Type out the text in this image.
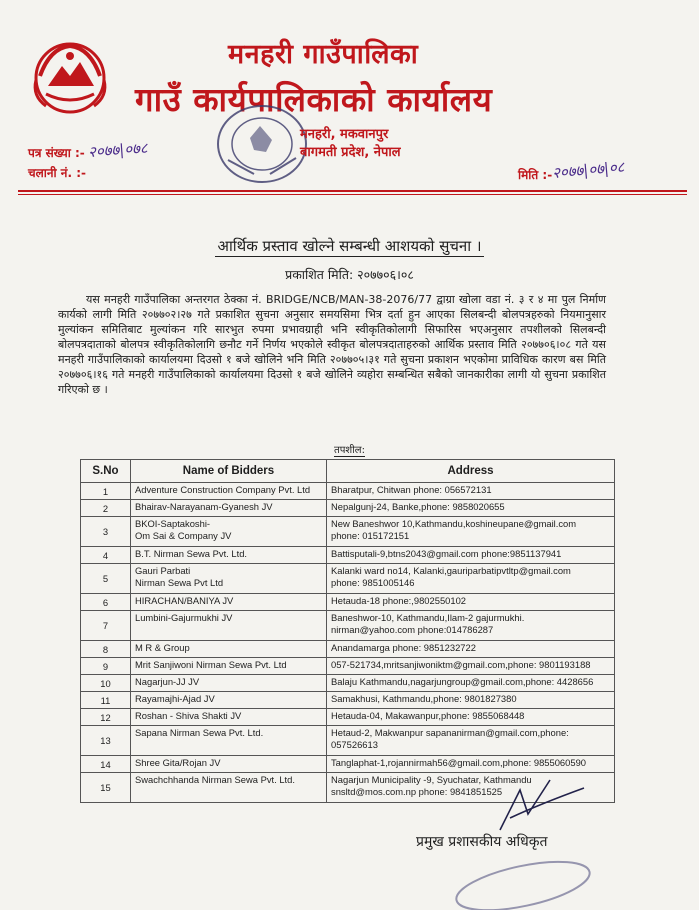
मनहरी गाउँपालिका
गाउँ कार्यपालिकाको कार्यालय
मनहरी, मकवानपुर
बागमती प्रदेश, नेपाल
पत्र संख्या :- २०७७|०७८
चलानी नं. :-	मिति :- २०७७|०७|०८
आर्थिक प्रस्ताव खोल्ने सम्बन्धी आशयको सुचना ।
प्रकाशित मिति: २०७७०६।०८
यस मनहरी गाउँपालिका अन्तरगत ठेक्का नं. BRIDGE/NCB/MAN-38-2076/77 द्वाग्रा खोला वडा नं. ३ र ४ मा पुल निर्माण कार्यको लागी मिति २०७७०२।२७ गते प्रकाशित सुचना अनुसार समयसिमा भित्र दर्ता हुन आएका सिलबन्दी बोलपत्रहरुको नियमानुसार मुल्यांकन समितिबाट मुल्यांकन गरि सारभुत रुपमा प्रभावग्राही भनि स्वीकृतिकोलागी सिफारिस भएअनुसार तपशीलको सिलबन्दी बोलपत्रदाताको बोलपत्र स्वीकृतिकोलागि छनौट गर्ने निर्णय भएकोले स्वीकृत बोलपत्रदाताहरुको आर्थिक प्रस्ताव मिति २०७७०६।०८ गते यस मनहरी गाउँपालिकाको कार्यालयमा दिउसो १ बजे खोलिने भनि मिति २०७७०५।३१ गते सुचना प्रकाशन भएकोमा प्राविधिक कारण बस मिति २०७७०६।१६ गते मनहरी गाउँपालिकाको कार्यालयमा दिउसो १ बजे खोलिने व्यहोरा सम्बन्धित सबैको जानकारीका लागी यो सुचना प्रकाशित गरिएको छ ।
तपशील:
S.No	Name of Bidders	Address
1	Adventure Construction Company Pvt. Ltd	Bharatpur, Chitwan phone: 056572131

2	Bhairav-Narayanam-Gyanesh JV	Nepalgunj-24, Banke,phone: 9858020655

3	BKOI-Saptakoshi-
Om Sai & Company JV	New Baneshwor 10,Kathmandu,koshineupane@gmail.com
phone: 015172151

4	B.T. Nirman Sewa Pvt. Ltd.	Battisputali-9,btns2043@gmail.com phone:9851137941

5	Gauri Parbati
Nirman Sewa Pvt Ltd	Kalanki ward no14, Kalanki,gauriparbatipvtltp@gmail.com
phone: 9851005146

6	HIRACHAN/BANIYA JV	Hetauda-18 phone:,9802550102

7	Lumbini-Gajurmukhi JV	Baneshwor-10, Kathmandu,Ilam-2 gajurmukhi.
nirman@yahoo.com phone:014786287

8	M R & Group	Anandamarga phone: 9851232722

9	Mrit Sanjiwoni Nirman Sewa Pvt. Ltd	057-521734,mritsanjiwoniktm@gmail.com,phone: 9801193188

10	Nagarjun-JJ JV	Balaju Kathmandu,nagarjungroup@gmail.com,phone: 4428656

11	Rayamajhi-Ajad JV	Samakhusi, Kathmandu,phone: 9801827380

12	Roshan - Shiva Shakti JV	Hetauda-04, Makawanpur,phone: 9855068448

13	Sapana Nirman Sewa Pvt. Ltd.	Hetaud-2, Makwanpur sapananirman@gmail.com,phone:
057526613

14	Shree Gita/Rojan JV	Tanglaphat-1,rojannirmah56@gmail.com,phone: 9855060590

15	Swachchhanda Nirman Sewa Pvt. Ltd.	Nagarjun Municipality -9, Syuchatar, Kathmandu
snsltd@mos.com.np phone: 9841851525
प्रमुख प्रशासकीय अधिकृत
